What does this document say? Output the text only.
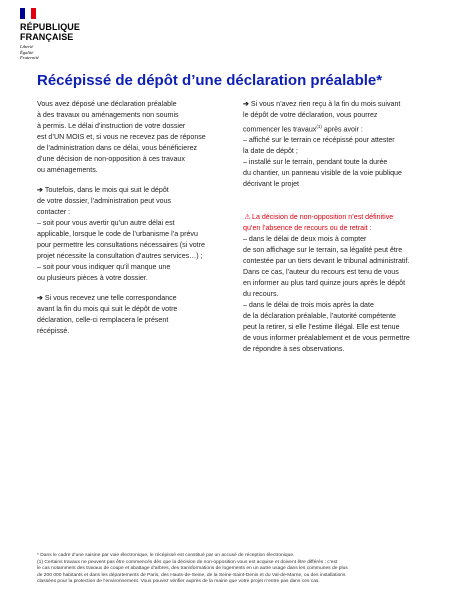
RÉPUBLIQUE
FRANÇAISE
Liberté
Égalité
Fraternité
Récépissé de dépôt d’une déclaration préalable*

Vous avez déposé une déclaration préalable
à des travaux ou aménagements non soumis
à permis. Le délai d’instruction de votre dossier
est d’UN MOIS et, si vous ne recevez pas de réponse
de l’administration dans ce délai, vous bénéficierez
d’une décision de non-opposition à ces travaux
ou aménagements.

➔ Toutefois, dans le mois qui suit le dépôt
de votre dossier, l’administration peut vous
contacter :
– soit pour vous avertir qu’un autre délai est
applicable, lorsque le code de l’urbanisme l’a prévu
pour permettre les consultations nécessaires (si votre
projet nécessite la consultation d’autres services…) ;
– soit pour vous indiquer qu’il manque une
ou plusieurs pièces à votre dossier.

➔ Si vous recevez une telle correspondance
avant la fin du mois qui suit le dépôt de votre
déclaration, celle-ci remplacera le présent
récépissé.

➔ Si vous n’avez rien reçu à la fin du mois suivant
le dépôt de votre déclaration, vous pourrez
commencer les travaux$^{(1)}$ après avoir :
– affiché sur le terrain ce récépissé pour attester
la date de dépôt ;
– installé sur le terrain, pendant toute la durée
du chantier, un panneau visible de la voie publique
décrivant le projet

⚠La décision de non-opposition n’est définitive
qu’en l’absence de recours ou de retrait :

– dans le délai de deux mois à compter
de son affichage sur le terrain, sa légalité peut être
contestée par un tiers devant le tribunal administratif.
Dans ce cas, l’auteur du recours est tenu de vous
en informer au plus tard quinze jours après le dépôt
du recours.
– dans le délai de trois mois après la date
de la déclaration préalable, l’autorité compétente
peut la retirer, si elle l’estime illégal. Elle est tenue
de vous informer préalablement et de vous permettre
de répondre à ses observations.

* Dans le cadre d’une saisine par voie électronique, le récépissé est constitué par un accusé de réception électronique.
(1) Certains travaux ne peuvent pas être commencés dès que la décision de non-opposition vous est acquise et doivent être différés : c’est
le cas notamment des travaux de coupe et abattage d’arbres, des transformations de logements en un autre usage dans les communes de plus
de 200 000 habitants et dans les départements de Paris, des Hauts-de-Seine, de la Seine-Saint-Denis et du Val-de-Marne, ou des installations
classées pour la protection de l’environnement. Vous pouvez vérifier auprès de la mairie que votre projet n’entre pas dans ces cas.
